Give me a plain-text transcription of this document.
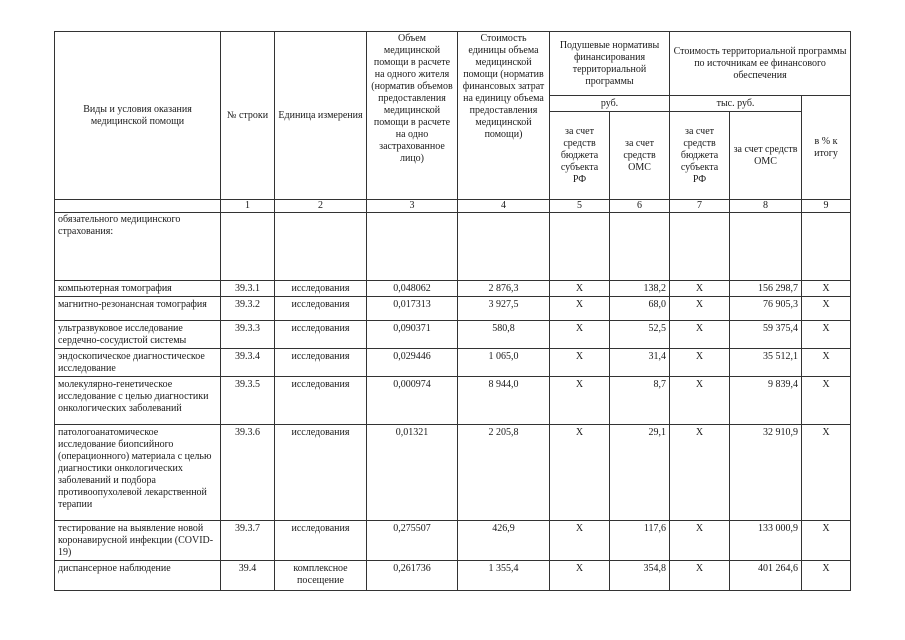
Виды и условия оказания медицинской помощи	№ строки	Единица измерения	Объем медицинской помощи в расчете на одного жителя (норматив объемов предоставления медицинской помощи в расчете на одно застрахованное лицо)	Стоимость единицы объема медицинской помощи (норматив финансовых затрат на единицу объема предоставления медицинской помощи)	Подушевые нормативы финансирования территориальной программы		Стоимость территориальной программы по источникам ее финансового обеспечения		
					руб.		тыс. руб.		в % к итогу
					за счет средств бюджета субъекта РФ	за счет средств ОМС	за счет средств бюджета субъекта РФ	за счет средств ОМС	
	1	2	3	4	5	6	7	8	9
обязательного медицинского страхования:									
компьютерная томография	39.3.1	исследования	0,048062	2 876,3	Х	138,2	Х	156 298,7	Х
магнитно-резонансная томография	39.3.2	исследования	0,017313	3 927,5	Х	68,0	Х	76 905,3	Х
ультразвуковое исследование сердечно-сосудистой системы	39.3.3	исследования	0,090371	580,8	Х	52,5	Х	59 375,4	Х
эндоскопическое диагностическое исследование	39.3.4	исследования	0,029446	1 065,0	Х	31,4	Х	35 512,1	Х
молекулярно-генетическое исследование с целью диагностики онкологических заболеваний	39.3.5	исследования	0,000974	8 944,0	Х	8,7	Х	9 839,4	Х
патологоанатомическое исследование биопсийного (операционного) материала с целью диагностики онкологических заболеваний и подбора противоопухолевой лекарственной терапии	39.3.6	исследования	0,01321	2 205,8	Х	29,1	Х	32 910,9	Х
тестирование на выявление новой коронавирусной инфекции (COVID-19)	39.3.7	исследования	0,275507	426,9	Х	117,6	Х	133 000,9	Х
диспансерное наблюдение	39.4	комплексное посещение	0,261736	1 355,4	Х	354,8	Х	401 264,6	Х
